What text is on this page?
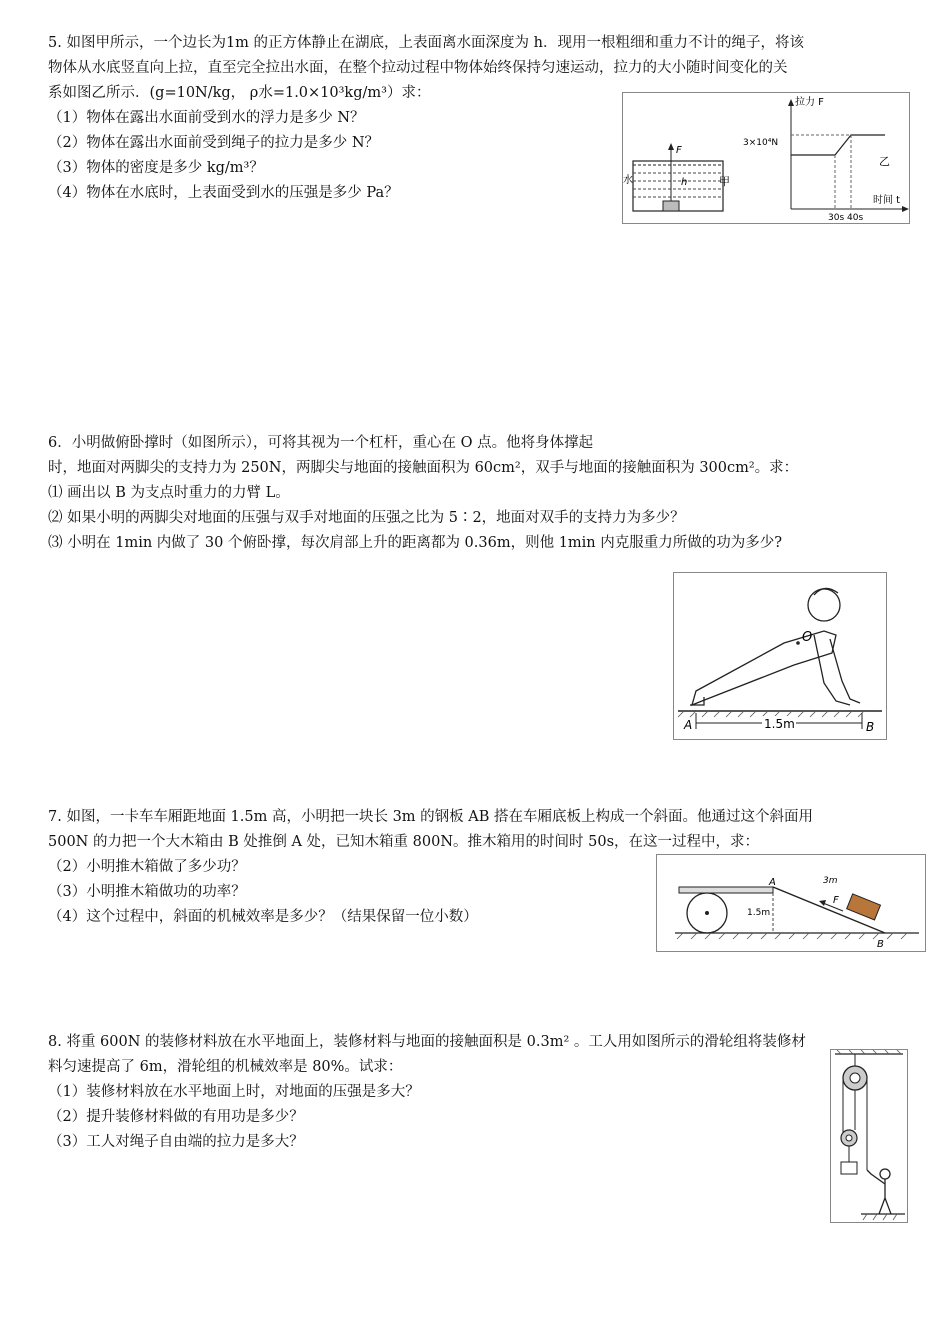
5. 如图甲所示，一个边长为1m 的正方体静止在湖底，上表面离水面深度为 h．现用一根粗细和重力不计的绳子，将该
物体从水底竖直向上拉，直至完全拉出水面，在整个拉动过程中物体始终保持匀速运动，拉力的大小随时间变化的关
系如图乙所示．(g=10N/kg， ρ水=1.0×10³kg/m³）求：
（1）物体在露出水面前受到水的浮力是多少 N？
（2）物体在露出水面前受到绳子的拉力是多少 N？
（3）物体的密度是多少 kg/m³？
（4）物体在水底时，上表面受到水的压强是多少 Pa？
F
h
水	甲
拉力 F
时间 t
3×10⁴N
30s 40s
乙
6．小明做俯卧撑时（如图所示），可将其视为一个杠杆，重心在 O 点。他将身体撑起
时，地面对两脚尖的支持力为 250N，两脚尖与地面的接触面积为 60cm²，双手与地面的接触面积为 300cm²。求：
⑴ 画出以 B 为支点时重力的力臂 L。
⑵ 如果小明的两脚尖对地面的压强与双手对地面的压强之比为 5∶2，地面对双手的支持力为多少？
⑶ 小明在 1min 内做了 30 个俯卧撑，每次肩部上升的距离都为 0.36m，则他 1min 内克服重力所做的功为多少?
O
A	B
1.5m
7. 如图，一卡车车厢距地面 1.5m 高，小明把一块长 3m 的钢板 AB 搭在车厢底板上构成一个斜面。他通过这个斜面用
500N 的力把一个大木箱由 B 处推倒 A 处，已知木箱重 800N。推木箱用的时间时 50s，在这一过程中，求：
（2）小明推木箱做了多少功？
（3）小明推木箱做功的功率？
（4）这个过程中，斜面的机械效率是多少？（结果保留一位小数）	1.5m
A
B
3m
F
8. 将重 600N 的装修材料放在水平地面上，装修材料与地面的接触面积是 0.3m² 。工人用如图所示的滑轮组将装修材
料匀速提高了 6m，滑轮组的机械效率是 80%。试求：
（1）装修材料放在水平地面上时，对地面的压强是多大？
（2）提升装修材料做的有用功是多少？
（3）工人对绳子自由端的拉力是多大？
